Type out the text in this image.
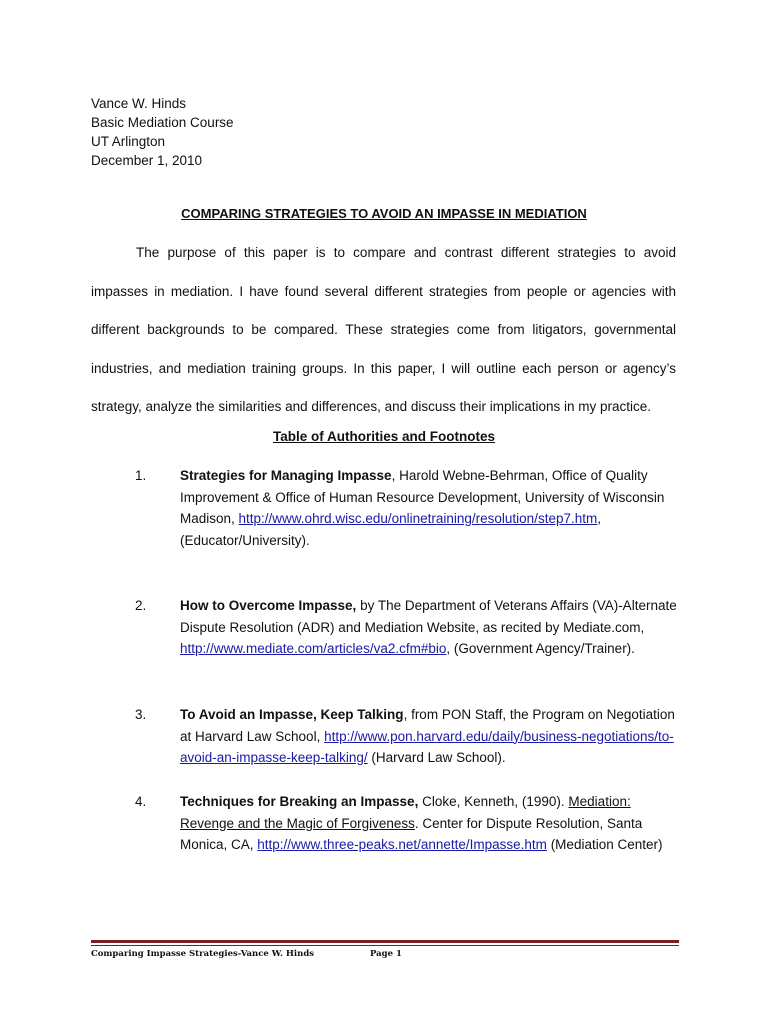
Vance W. Hinds
Basic Mediation Course
UT Arlington
December 1, 2010
COMPARING STRATEGIES TO AVOID AN IMPASSE IN MEDIATION

The purpose of this paper is to compare and contrast different strategies to avoid impasses in mediation. I have found several different strategies from people or agencies with different backgrounds to be compared. These strategies come from litigators, governmental industries, and mediation training groups. In this paper, I will outline each person or agency’s strategy, analyze the similarities and differences, and discuss their implications in my practice.

Table of Authorities and Footnotes
1.	Strategies for Managing Impasse, Harold Webne-Behrman, Office of Quality Improvement & Office of Human Resource Development, University of Wisconsin Madison, http://www.ohrd.wisc.edu/onlinetraining/resolution/step7.htm, (Educator/University).
2.	How to Overcome Impasse, by The Department of Veterans Affairs (VA)-Alternate Dispute Resolution (ADR) and Mediation Website, as recited by Mediate.com, http://www.mediate.com/articles/va2.cfm#bio, (Government Agency/Trainer).
3.	To Avoid an Impasse, Keep Talking, from PON Staff, the Program on Negotiation at Harvard Law School, http://www.pon.harvard.edu/daily/business-negotiations/to-avoid-an-impasse-keep-talking/ (Harvard Law School).
4.	Techniques for Breaking an Impasse, Cloke, Kenneth, (1990). Mediation: Revenge and the Magic of Forgiveness. Center for Dispute Resolution, Santa Monica, CA, http://www.three-peaks.net/annette/Impasse.htm (Mediation Center)
Comparing Impasse Strategies-Vance W. Hinds	Page 1
